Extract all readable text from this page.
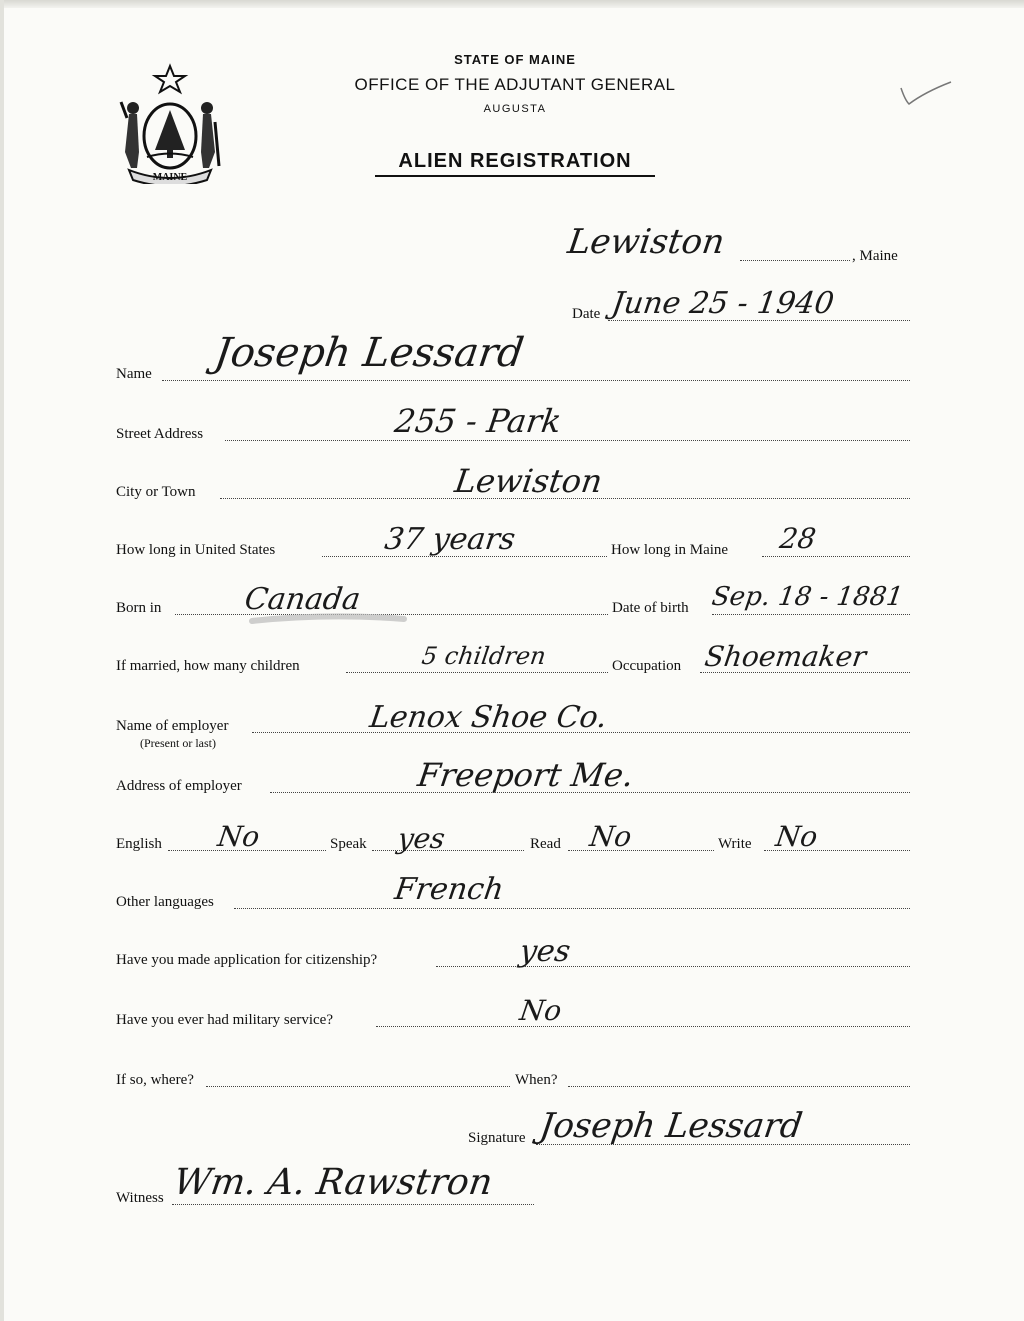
MAINE
STATE OF MAINE
OFFICE OF THE ADJUTANT GENERAL
AUGUSTA
ALIEN REGISTRATION
Lewiston	, Maine
Date June 25 - 1940
Name Joseph Lessard
Street Address	255 - Park
City or Town	Lewiston
How long in United States	37 years	How long in Maine 28
Born in	Canada	Date of birth Sep. 18 - 1881
If married, how many children	5 children	Occupation Shoemaker
Name of employer
(Present or last)
Lenox Shoe Co.
Address of employer	Freeport Me.
English No	Speak yes	Read No	Write No
Other languages	French
Have you made application for citizenship?	yes
Have you ever had military service?	No
If so, where?	When?
Signature Joseph Lessard
Witness Wm. A. Rawstron
